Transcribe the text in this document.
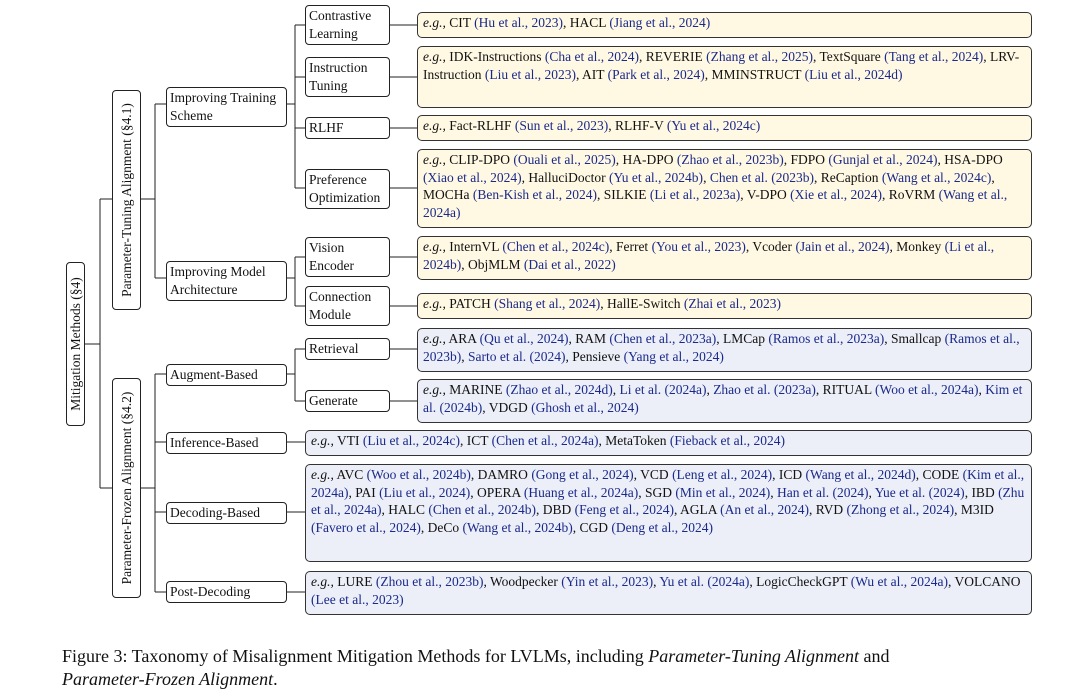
Mitigation Methods (§4)
Parameter-Tuning Alignment (§4.1)
Parameter-Frozen Alignment (§4.2)
Improving Training Scheme
Improving Model Architecture
Augment-Based
Inference-Based
Decoding-Based
Post-Decoding
Contrastive Learning
Instruction Tuning
RLHF
Preference Optimization
Vision Encoder
Connection Module
Retrieval
Generate
e.g., CIT (Hu et al., 2023), HACL (Jiang et al., 2024)
e.g., IDK-Instructions (Cha et al., 2024), REVERIE (Zhang et al., 2025), TextSquare (Tang et al., 2024), LRV-Instruction (Liu et al., 2023), AIT (Park et al., 2024), MMINSTRUCT (Liu et al., 2024d)
e.g., Fact-RLHF (Sun et al., 2023), RLHF-V (Yu et al., 2024c)
e.g., CLIP-DPO (Ouali et al., 2025), HA-DPO (Zhao et al., 2023b), FDPO (Gunjal et al., 2024), HSA-DPO (Xiao et al., 2024), HalluciDoctor (Yu et al., 2024b), Chen et al. (2023b), ReCaption (Wang et al., 2024c), MOCHa (Ben-Kish et al., 2024), SILKIE (Li et al., 2023a), V-DPO (Xie et al., 2024), RoVRM (Wang et al., 2024a)
e.g., InternVL (Chen et al., 2024c), Ferret (You et al., 2023), Vcoder (Jain et al., 2024), Monkey (Li et al., 2024b), ObjMLM (Dai et al., 2022)
e.g., PATCH (Shang et al., 2024), HallE-Switch (Zhai et al., 2023)
e.g., ARA (Qu et al., 2024), RAM (Chen et al., 2023a), LMCap (Ramos et al., 2023a), Smallcap (Ramos et al., 2023b), Sarto et al. (2024), Pensieve (Yang et al., 2024)
e.g., MARINE (Zhao et al., 2024d), Li et al. (2024a), Zhao et al. (2023a), RITUAL (Woo et al., 2024a), Kim et al. (2024b), VDGD (Ghosh et al., 2024)
e.g., VTI (Liu et al., 2024c), ICT (Chen et al., 2024a), MetaToken (Fieback et al., 2024)
e.g., AVC (Woo et al., 2024b), DAMRO (Gong et al., 2024), VCD (Leng et al., 2024), ICD (Wang et al., 2024d), CODE (Kim et al., 2024a), PAI (Liu et al., 2024), OPERA (Huang et al., 2024a), SGD (Min et al., 2024), Han et al. (2024), Yue et al. (2024), IBD (Zhu et al., 2024a), HALC (Chen et al., 2024b), DBD (Feng et al., 2024), AGLA (An et al., 2024), RVD (Zhong et al., 2024), M3ID (Favero et al., 2024), DeCo (Wang et al., 2024b), CGD (Deng et al., 2024)
e.g., LURE (Zhou et al., 2023b), Woodpecker (Yin et al., 2023), Yu et al. (2024a), LogicCheckGPT (Wu et al., 2024a), VOLCANO (Lee et al., 2023)
Figure 3: Taxonomy of Misalignment Mitigation Methods for LVLMs, including Parameter-Tuning Alignment and
Parameter-Frozen Alignment.
